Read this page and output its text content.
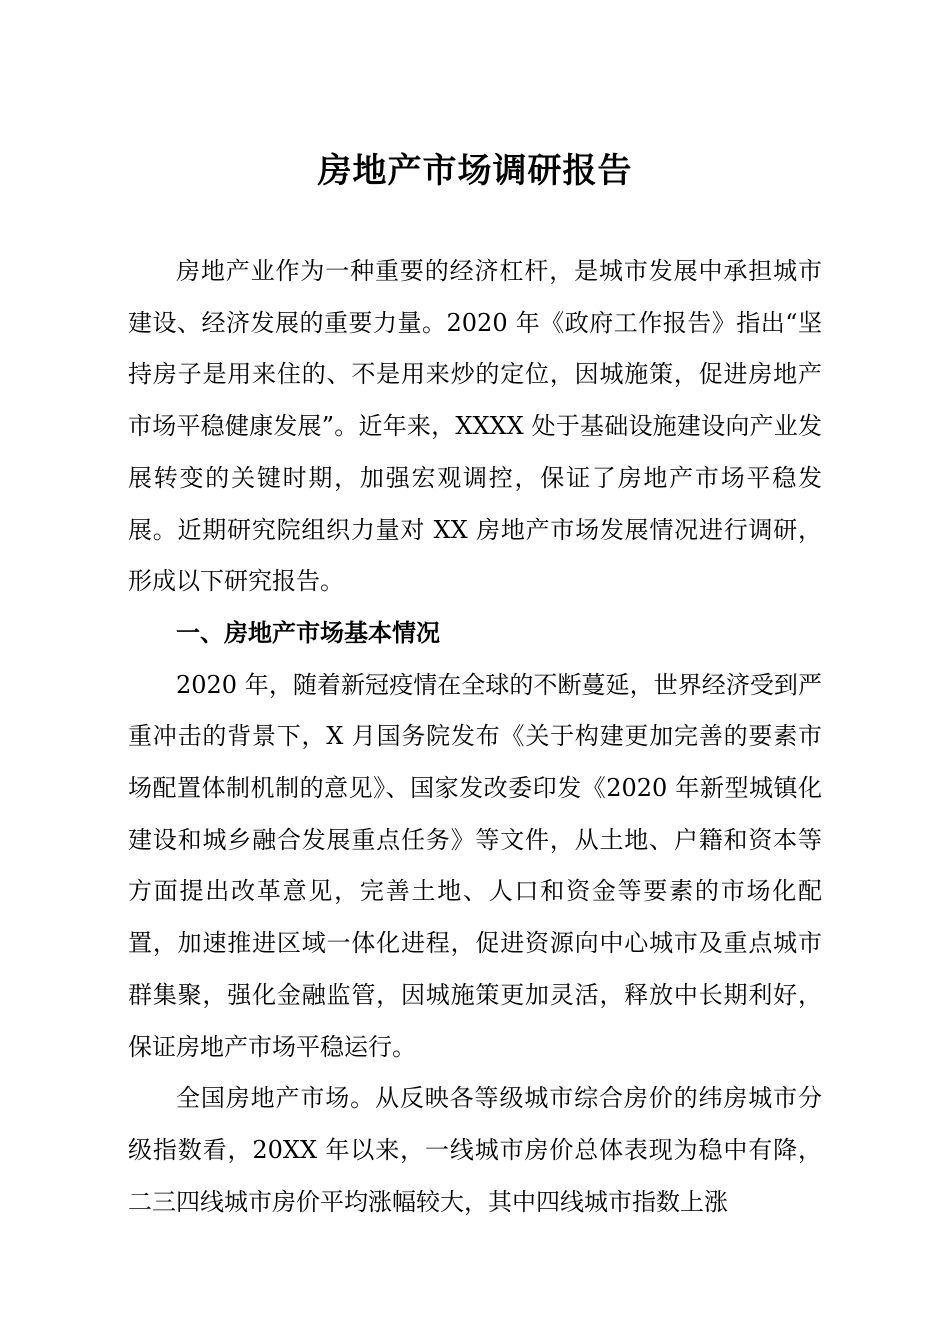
房地产市场调研报告

房地产业作为一种重要的经济杠杆，是城市发展中承担城市建设、经济发展的重要力量。2020 年《政府工作报告》指出“坚持房子是用来住的、不是用来炒的定位，因城施策，促进房地产市场平稳健康发展”。近年来，XXXX 处于基础设施建设向产业发展转变的关键时期，加强宏观调控，保证了房地产市场平稳发展。近期研究院组织力量对 XX 房地产市场发展情况进行调研，形成以下研究报告。

一、房地产市场基本情况

2020 年，随着新冠疫情在全球的不断蔓延，世界经济受到严重冲击的背景下，X 月国务院发布《关于构建更加完善的要素市场配置体制机制的意见》、国家发改委印发《2020 年新型城镇化建设和城乡融合发展重点任务》等文件，从土地、户籍和资本等方面提出改革意见，完善土地、人口和资金等要素的市场化配置，加速推进区域一体化进程，促进资源向中心城市及重点城市群集聚，强化金融监管，因城施策更加灵活，释放中长期利好，保证房地产市场平稳运行。

全国房地产市场。从反映各等级城市综合房价的纬房城市分级指数看，20XX 年以来，一线城市房价总体表现为稳中有降，二三四线城市房价平均涨幅较大，其中四线城市指数上涨
